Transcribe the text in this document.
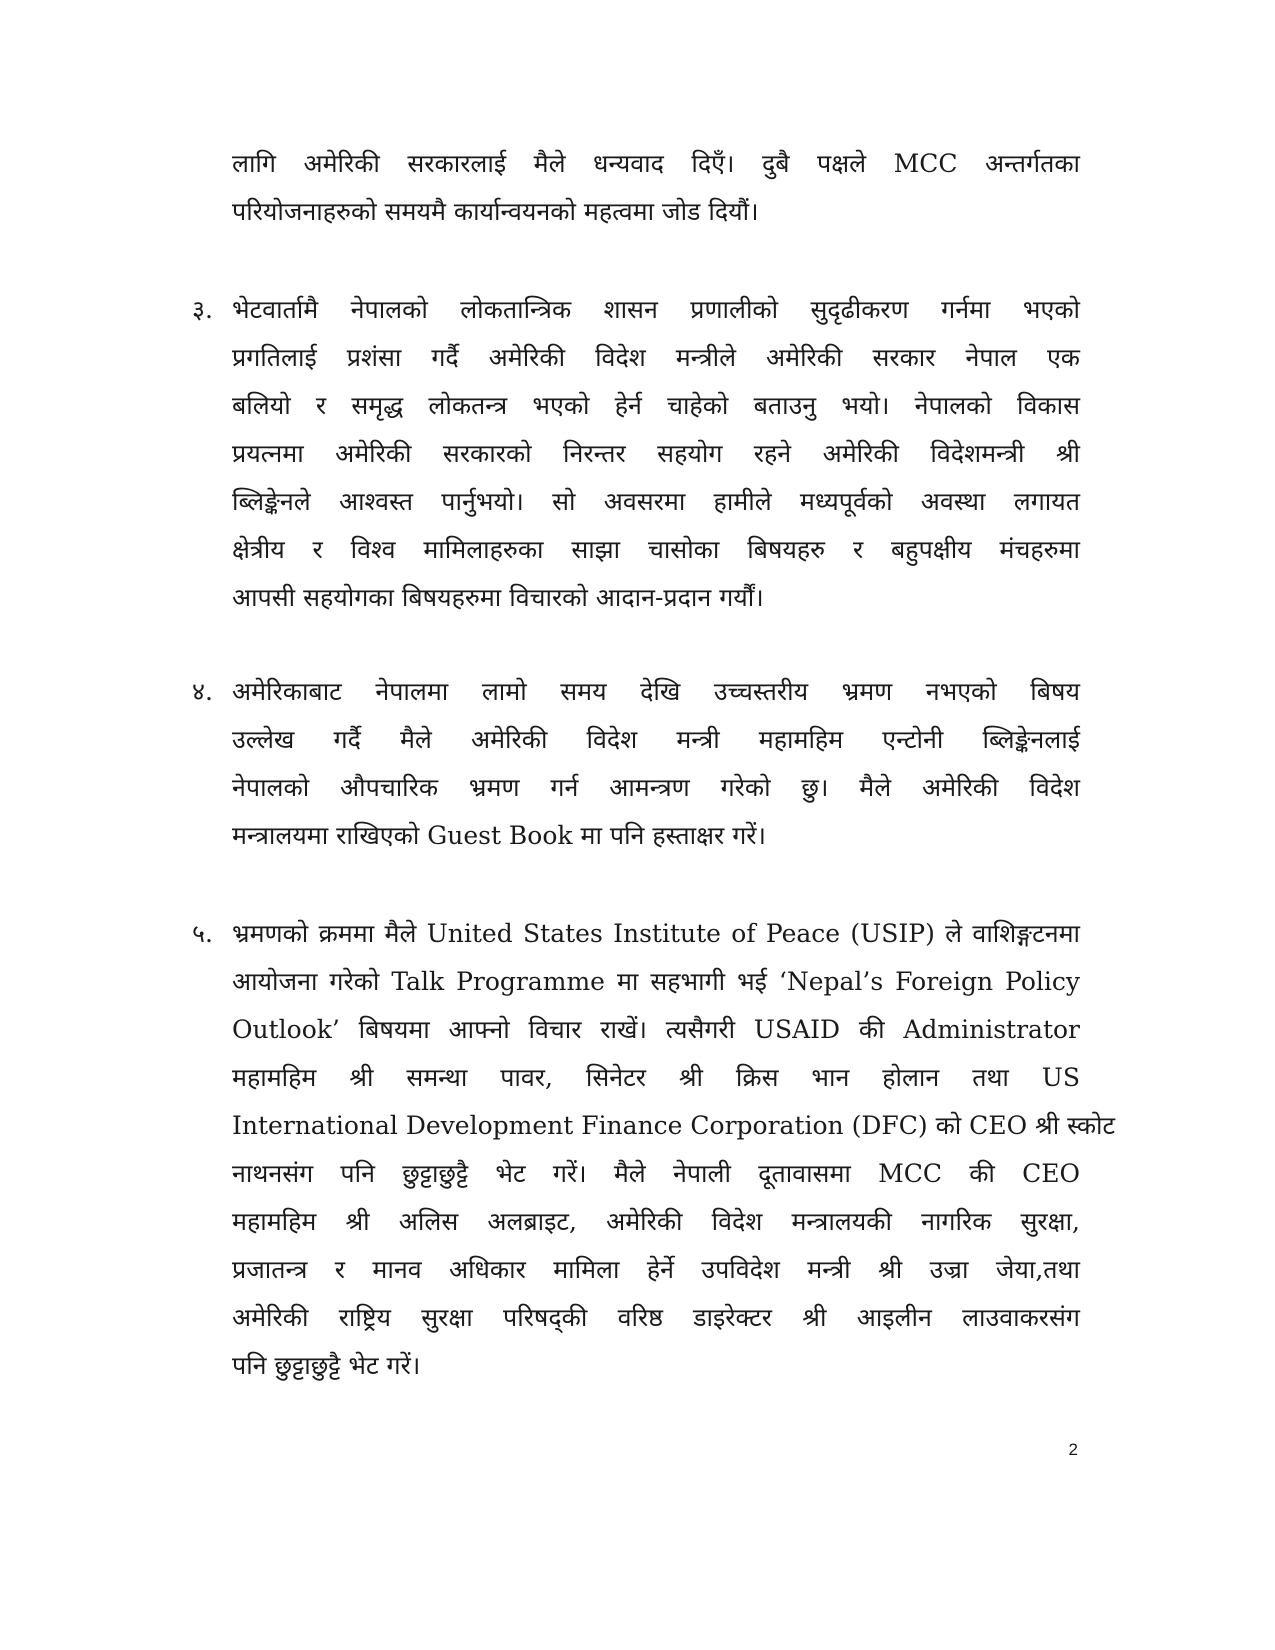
लागि अमेरिकी सरकारलाई मैले धन्यवाद दिएँ। दुबै पक्षले MCC अन्तर्गतका
परियोजनाहरुको समयमै कार्यान्वयनको महत्वमा जोड दियौं।
३. भेटवार्तामै नेपालको लोकतान्त्रिक शासन प्रणालीको सुदृढीकरण गर्नमा भएको
प्रगतिलाई प्रशंसा गर्दै अमेरिकी विदेश मन्त्रीले अमेरिकी सरकार नेपाल एक
बलियो र समृद्ध लोकतन्त्र भएको हेर्न चाहेको बताउनु भयो। नेपालको विकास
प्रयत्नमा अमेरिकी सरकारको निरन्तर सहयोग रहने अमेरिकी विदेशमन्त्री श्री
ब्लिङ्केनले आश्वस्त पार्नुभयो। सो अवसरमा हामीले मध्यपूर्वको अवस्था लगायत
क्षेत्रीय र विश्व मामिलाहरुका साझा चासोका बिषयहरु र बहुपक्षीय मंचहरुमा
आपसी सहयोगका बिषयहरुमा विचारको आदान-प्रदान गर्यौं।
४. अमेरिकाबाट नेपालमा लामो समय देखि उच्चस्तरीय भ्रमण नभएको बिषय
उल्लेख गर्दै मैले अमेरिकी विदेश मन्त्री महामहिम एन्टोनी ब्लिङ्केनलाई
नेपालको औपचारिक भ्रमण गर्न आमन्त्रण गरेको छु। मैले अमेरिकी विदेश
मन्त्रालयमा राखिएको Guest Book मा पनि हस्ताक्षर गरें।
५. भ्रमणको क्रममा मैले United States Institute of Peace (USIP) ले वाशिङ्गटनमा
आयोजना गरेको Talk Programme मा सहभागी भई ‘Nepal’s Foreign Policy
Outlook’ बिषयमा आफ्नो विचार राखें। त्यसैगरी USAID की Administrator
महामहिम श्री समन्था पावर, सिनेटर श्री क्रिस भान होलान तथा US
International Development Finance Corporation (DFC) को CEO श्री स्कोट
नाथनसंग पनि छुट्टाछुट्टै भेट गरें। मैले नेपाली दूतावासमा MCC की CEO
महामहिम श्री अलिस अलब्राइट, अमेरिकी विदेश मन्त्रालयकी नागरिक सुरक्षा,
प्रजातन्त्र र मानव अधिकार मामिला हेर्ने उपविदेश मन्त्री श्री उज्रा जेया,तथा
अमेरिकी राष्ट्रिय सुरक्षा परिषद्की वरिष्ठ डाइरेक्टर श्री आइलीन लाउवाकरसंग
पनि छुट्टाछुट्टै भेट गरें।
2
